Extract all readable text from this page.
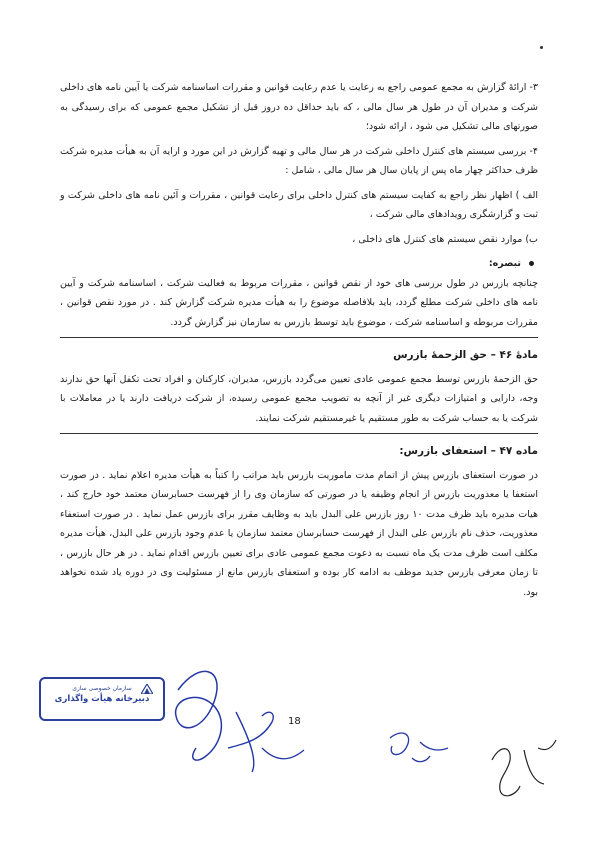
۳- ارائۀ گزارش به مجمع عمومی راجع به رعایت یا عدم رعایت قوانین و مقررات اساسنامه شرکت یا آیین نامه های داخلی شرکت و مدیران آن در طول هر سال مالی ، که باید حداقل ده دروز قبل از تشکیل مجمع عمومی که برای رسیدگی به صورتهای مالی تشکیل می شود ، ارائه شود؛

۴- بررسی سیستم های کنترل داخلی شرکت در هر سال مالی و تهیه گزارش در این مورد و ارایه آن به هیأت مدیره شرکت ظرف حداکثر چهار ماه پس از پایان سال هر سال مالی ، شامل :

الف ) اظهار نظر راجع به کفایت سیستم های کنترل داخلی برای رعایت قوانین ، مقررات و آئین نامه های داخلی شرکت و ثبت و گزارشگری رویدادهای مالی شرکت ،

ب) موارد نقص سیستم های کنترل های داخلی ،

تبصره:

چنانچه بازرس در طول بررسی های خود از نقص قوانین ، مقررات مربوط به فعالیت شرکت ، اساسنامه شرکت و آیین نامه های داخلی شرکت مطلع گردد، باید بلافاصله موضوع را به هیأت مدیره شرکت گزارش کند . در مورد نقص قوانین ، مقررات مربوطه و اساسنامه شرکت ، موضوع باید توسط بازرس به سازمان نیز گزارش گردد.

مادۀ ۴۶ – حق الزحمۀ بازرس

حق الزحمۀ بازرس توسط مجمع عمومی عادی تعیین می‌گردد بازرس، مدیران، کارکنان و افراد تحت تکفل آنها حق ندارند وجه، دارایی و امتیازات دیگری غیر از آنچه به تصویب مجمع عمومی رسیده، از شرکت دریافت دارند یا در معاملات با شرکت یا به حساب شرکت به طور مستقیم یا غیرمستقیم شرکت نمایند.

ماده ۴۷ – استعفای بازرس:

در صورت استعفای بازرس پیش از اتمام مدت ماموریت بازرس باید مراتب را کتباً به هیأت مدیره اعلام نماید . در صورت استعفا یا معذوریت بازرس از انجام وظیفه یا در صورتی که سازمان وی را از فهرست حسابرسان معتمد خود خارج کند ، هیات مدیره باید ظرف مدت ۱۰ روز بازرس علی البدل باید به وظایف مقرر برای بازرس عمل نماید . در صورت استعفاء معذوریت، حذف نام بازرس علی البدل از فهرست حسابرسان معتمد سازمان یا عدم وجود بازرس علی البدل، هیأت مدیره مکلف است ظرف مدت یک ماه نسبت به دعوت مجمع عمومی عادی برای تعیین بازرس اقدام نماید . در هر حال بازرس ، تا زمان معرفی بازرس جدید موظف به ادامه کار بوده و استعفای بازرس مانع از مسئولیت وی در دوره یاد شده نخواهد بود.

سازمان خصوصی سازی
دبیرخانه هیأت واگذاری
18
